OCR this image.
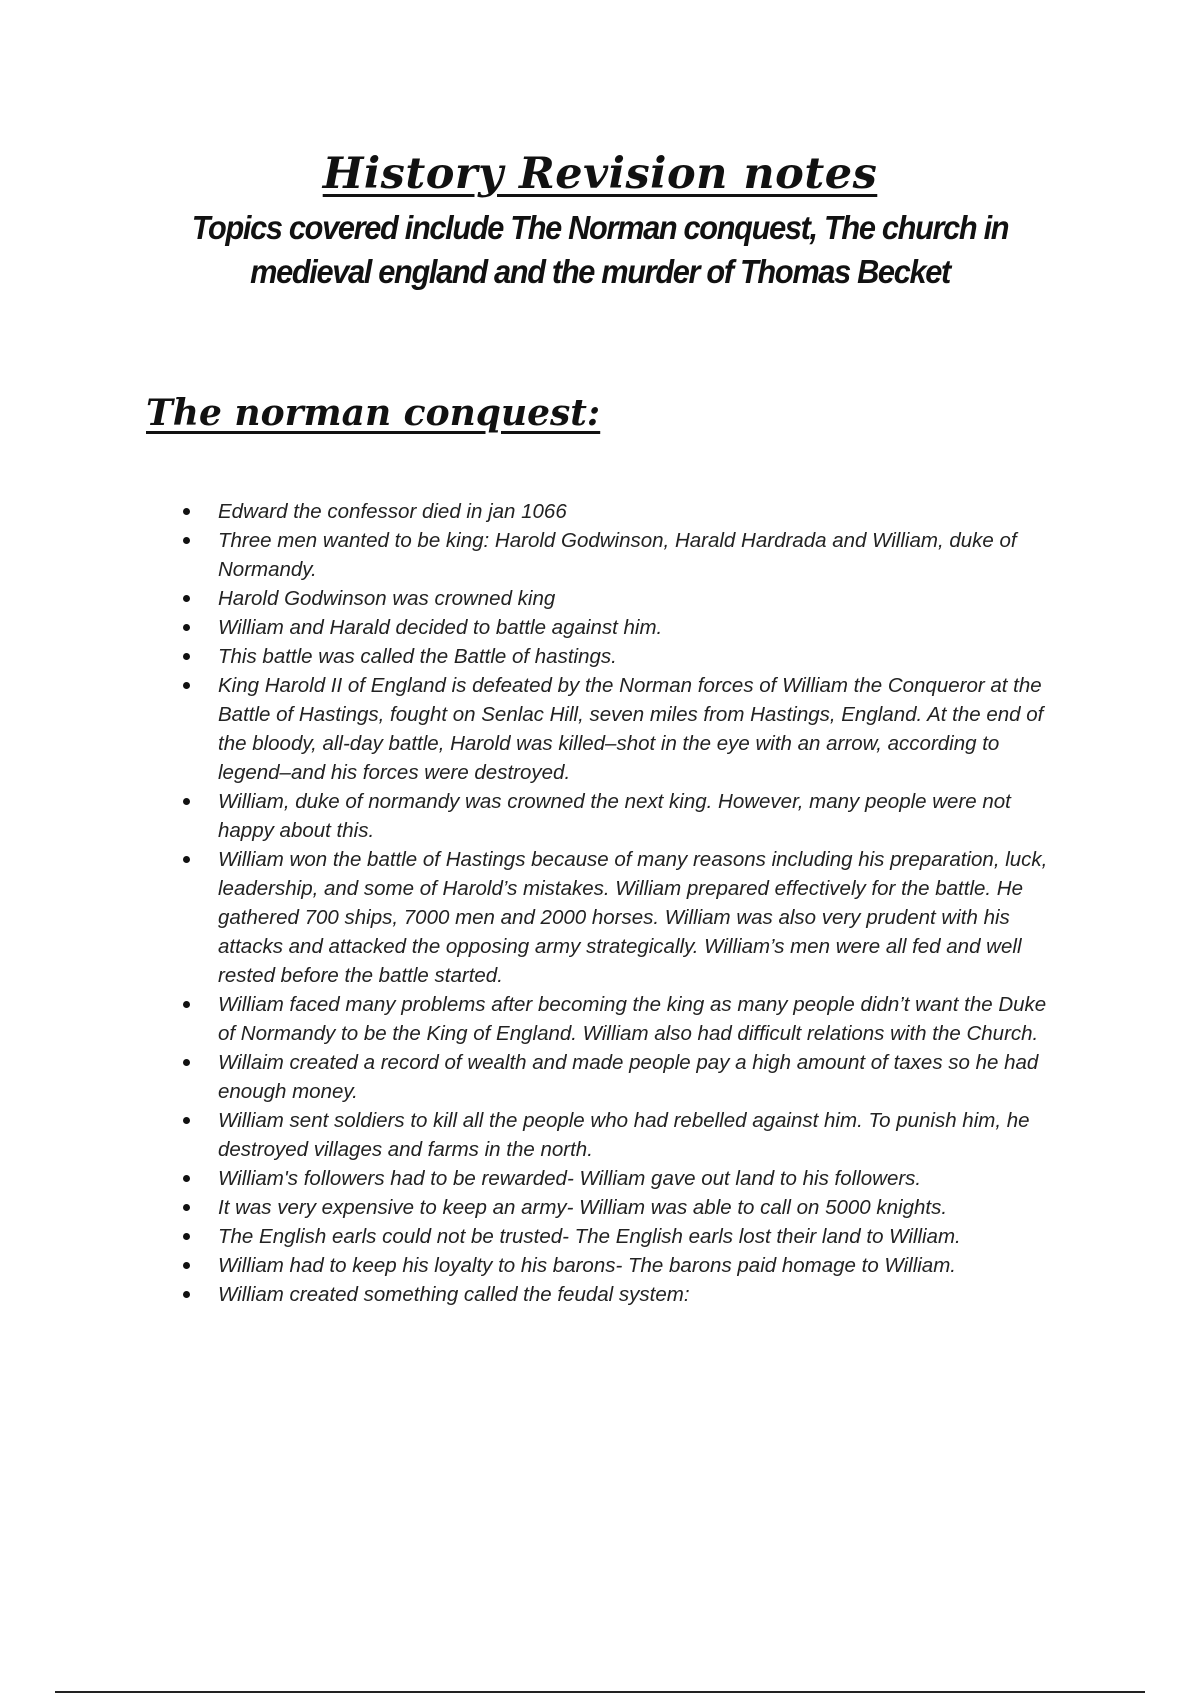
History Revision notes
Topics covered include The Norman conquest, The church in medieval england and the murder of Thomas Becket
The norman conquest:
Edward the confessor died in jan 1066
Three men wanted to be king: Harold Godwinson, Harald Hardrada and William, duke of Normandy.
Harold Godwinson was crowned king
William and Harald decided to battle against him.
This battle was called the Battle of hastings.
King Harold II of England is defeated by the Norman forces of William the Conqueror at the Battle of Hastings, fought on Senlac Hill, seven miles from Hastings, England. At the end of the bloody, all-day battle, Harold was killed–shot in the eye with an arrow, according to legend–and his forces were destroyed.
William, duke of normandy was crowned the next king. However, many people were not happy about this.
William won the battle of Hastings because of many reasons including his preparation, luck, leadership, and some of Harold’s mistakes. William prepared effectively for the battle. He gathered 700 ships, 7000 men and 2000 horses. William was also very prudent with his attacks and attacked the opposing army strategically. William’s men were all fed and well rested before the battle started.
William faced many problems after becoming the king as many people didn’t want the Duke of Normandy to be the King of England. William also had difficult relations with the Church.
Willaim created a record of wealth and made people pay a high amount of taxes so he had enough money.
William sent soldiers to kill all the people who had rebelled against him. To punish him, he destroyed villages and farms in the north.
William's followers had to be rewarded- William gave out land to his followers.
It was very expensive to keep an army- William was able to call on 5000 knights.
The English earls could not be trusted- The English earls lost their land to William.
William had to keep his loyalty to his barons- The barons paid homage to William.
William created something called the feudal system:
